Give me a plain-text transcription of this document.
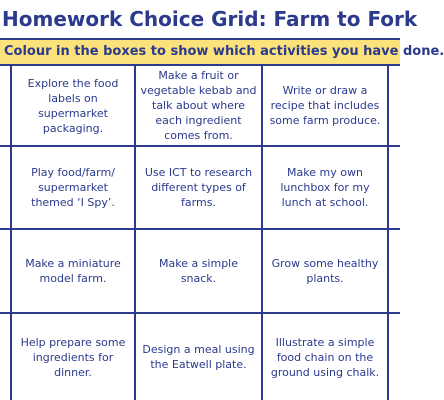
Homework Choice Grid: Farm to Fork
Colour in the boxes to show which activities you have done.
Explore the food labels on supermarket packaging.
Make a fruit or vegetable kebab and talk about where each ingredient comes from.
Write or draw a recipe that includes some farm produce.
Play food/farm/ supermarket themed ‘I Spy’.
Use ICT to research different types of farms.
Make my own lunchbox for my lunch at school.
Make a miniature model farm.
Make a simple snack.
Grow some healthy plants.
Help prepare some ingredients for dinner.
Design a meal using the Eatwell plate.
Illustrate a simple food chain on the ground using chalk.
